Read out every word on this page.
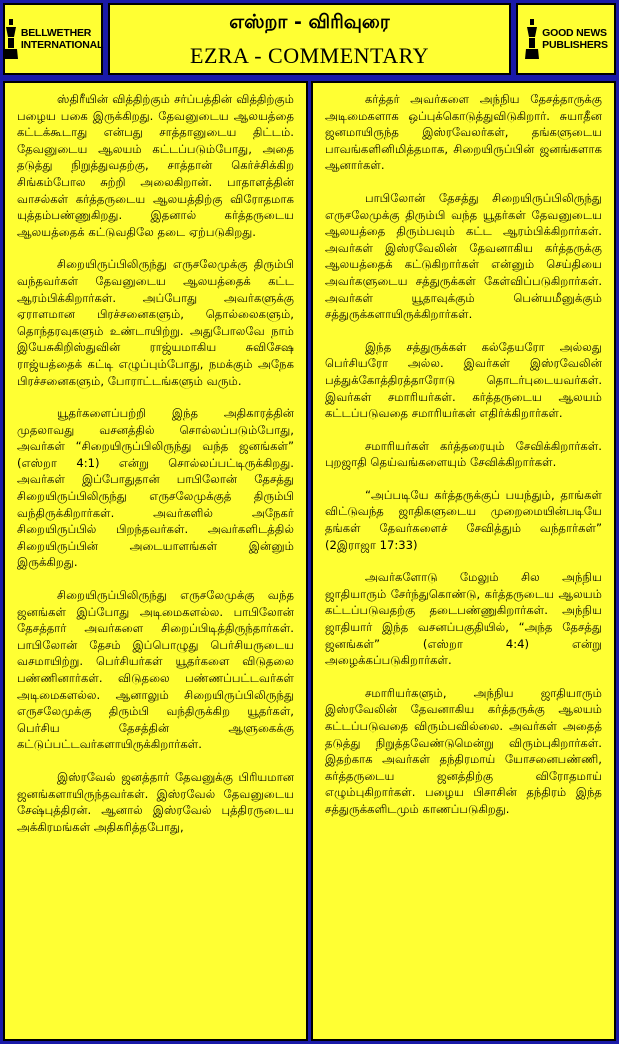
BELLWETHER
INTERNATIONAL
எஸ்றா - விரிவுரை
EZRA - COMMENTARY
GOOD NEWS
PUBLISHERS

ஸ்திரீயின் வித்திற்கும் சர்ப்பத்தின் வித்திற்கும் பழைய பகை இருக்கிறது. தேவனுடைய ஆலயத்தை கட்டக்கூடாது என்பது சாத்தானுடைய திட்டம். தேவனுடைய ஆலயம் கட்டப்படும்போது, அதை தடுத்து நிறுத்துவதற்கு, சாத்தான் கெர்ச்சிக்கிற சிங்கம்போல சுற்றி அலைகிறான். பாதாளத்தின் வாசல்கள் கர்த்தருடைய ஆலயத்திற்கு விரோதமாக யுத்தம்பண்ணுகிறது. இதனால் கர்த்தருடைய ஆலயத்தைக் கட்டுவதிலே தடை ஏற்படுகிறது.

சிறையிருப்பிலிருந்து எருசலேமுக்கு திரும்பி வந்தவர்கள் தேவனுடைய ஆலயத்தைக் கட்ட ஆரம்பிக்கிறார்கள். அப்போது அவர்களுக்கு ஏராளமான பிரச்சனைகளும், தொல்லைகளும், தொந்தரவுகளும் உண்டாயிற்று. அதுபோலவே நாம் இயேசுகிறிஸ்துவின் ராஜ்யமாகிய சுவிசேஷ ராஜ்யத்தைக் கட்டி எழுப்பும்போது, நமக்கும் அநேக பிரச்சனைகளும், போராட்டங்களும் வரும்.

யூதர்களைப்பற்றி இந்த அதிகாரத்தின் முதலாவது வசனத்தில் சொல்லப்படும்போது, அவர்கள் “சிறையிருப்பிலிருந்து வந்த ஜனங்கள்” (எஸ்றா 4:1) என்று சொல்லப்பட்டிருக்கிறது. அவர்கள் இப்போதுதான் பாபிலோன் தேசத்து சிறையிருப்பிலிருந்து எருசலேமுக்குத் திரும்பி வந்திருக்கிறார்கள். அவர்களில் அநேகர் சிறையிருப்பில் பிறந்தவர்கள். அவர்களிடத்தில் சிறையிருப்பின் அடையாளங்கள் இன்னும் இருக்கிறது.

சிறையிருப்பிலிருந்து எருசலேமுக்கு வந்த ஜனங்கள் இப்போது அடிமைகளல்ல. பாபிலோன் தேசத்தார் அவர்களை சிறைப்பிடித்திருந்தார்கள். பாபிலோன் தேசம் இப்பொழுது பெர்சியருடைய வசமாயிற்று. பெர்சியர்கள் யூதர்களை விடுதலை பண்ணினார்கள். விடுதலை பண்ணப்பட்டவர்கள் அடிமைகளல்ல. ஆனாலும் சிறையிருப்பிலிருந்து எருசலேமுக்கு திரும்பி வந்திருக்கிற யூதர்கள், பெர்சிய தேசத்தின் ஆளுகைக்கு கட்டுப்பட்டவர்களாயிருக்கிறார்கள்.

இஸ்ரவேல் ஜனத்தார் தேவனுக்கு பிரியமான ஜனங்களாயிருந்தவர்கள். இஸ்ரவேல் தேவனுடைய சேஷ்புத்திரன். ஆனால் இஸ்ரவேல் புத்திரருடைய அக்கிரமங்கள் அதிகரித்தபோது,

கர்த்தர் அவர்களை அந்நிய தேசத்தாருக்கு அடிமைகளாக ஒப்புக்கொடுத்துவிடுகிறார். சுயாதீன ஜனமாயிருந்த இஸ்ரவேலர்கள், தங்களுடைய பாவங்களினிமித்தமாக, சிறையிருப்பின் ஜனங்களாக ஆனார்கள்.

பாபிலோன் தேசத்து சிறையிருப்பிலிருந்து எருசலேமுக்கு திரும்பி வந்த யூதர்கள் தேவனுடைய ஆலயத்தை திரும்பவும் கட்ட ஆரம்பிக்கிறார்கள். அவர்கள் இஸ்ரவேலின் தேவனாகிய கர்த்தருக்கு ஆலயத்தைக் கட்டுகிறார்கள் என்னும் செய்தியை அவர்களுடைய சத்துருக்கள் கேள்விப்படுகிறார்கள். அவர்கள் யூதாவுக்கும் பென்யமீனுக்கும் சத்துருக்களாயிருக்கிறார்கள்.

இந்த சத்துருக்கள் கல்தேயரோ அல்லது பெர்சியரோ அல்ல. இவர்கள் இஸ்ரவேலின் பத்துக்கோத்திரத்தாரோடு தொடர்புடையவர்கள். இவர்கள் சமாரியர்கள். கர்த்தருடைய ஆலயம் கட்டப்படுவதை சமாரியர்கள் எதிர்க்கிறார்கள்.

சமாரியர்கள் கர்த்தரையும் சேவிக்கிறார்கள். புறஜாதி தெய்வங்களையும் சேவிக்கிறார்கள்.

“அப்படியே கர்த்தருக்குப் பயந்தும், தாங்கள் விட்டுவந்த ஜாதிகளுடைய முறைமையின்படியே தங்கள் தேவர்களைச் சேவித்தும் வந்தார்கள்” (2இராஜா 17:33)

அவர்களோடு மேலும் சில அந்நிய ஜாதியாரும் சேர்ந்துகொண்டு, கர்த்தருடைய ஆலயம் கட்டப்படுவதற்கு தடைபண்ணுகிறார்கள். அந்நிய ஜாதியார் இந்த வசனப்பகுதியில், “அந்த தேசத்து ஜனங்கள்” (எஸ்றா 4:4) என்று அழைக்கப்படுகிறார்கள்.

சமாரியர்களும், அந்நிய ஜாதியாரும் இஸ்ரவேலின் தேவனாகிய கர்த்தருக்கு ஆலயம் கட்டப்படுவதை விரும்பவில்லை. அவர்கள் அதைத் தடுத்து நிறுத்தவேண்டுமென்று விரும்புகிறார்கள். இதற்காக அவர்கள் தந்திரமாய் யோசனைபண்ணி, கர்த்தருடைய ஜனத்திற்கு விரோதமாய் எழும்புகிறார்கள். பழைய பிசாசின் தந்திரம் இந்த சத்துருக்களிடமும் காணப்படுகிறது.
